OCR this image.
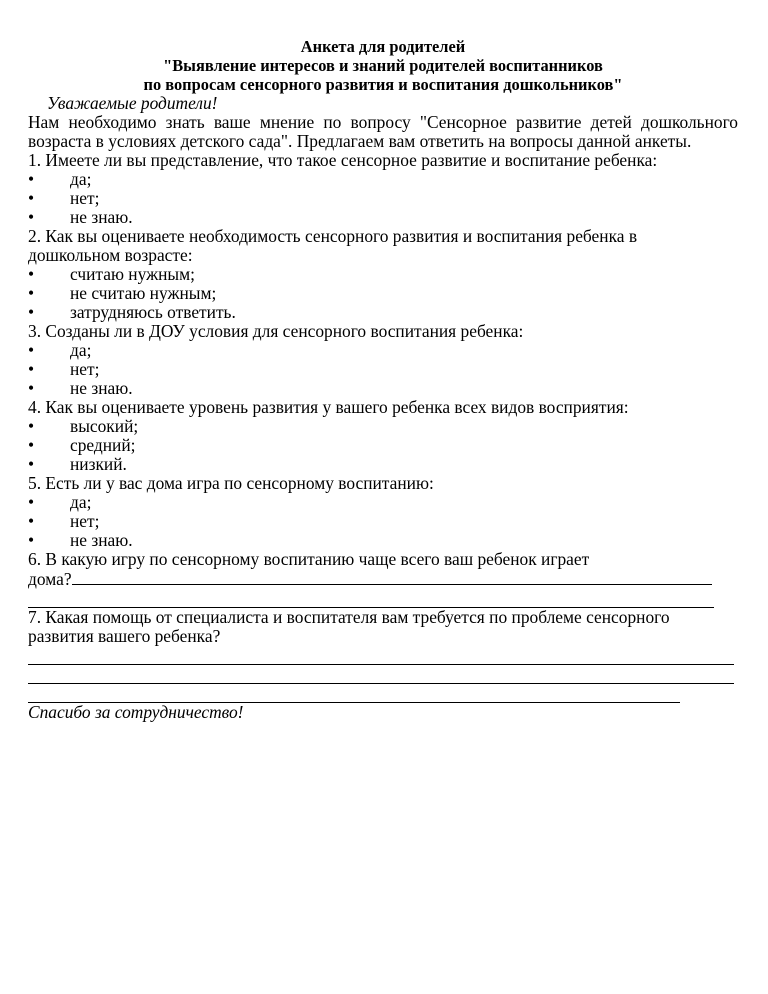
Анкета для родителей
"Выявление интересов и знаний родителей воспитанников
по вопросам сенсорного развития и воспитания дошкольников"
Уважаемые родители!
Нам необходимо знать ваше мнение по вопросу "Сенсорное развитие детей дошкольного
возраста в условиях детского сада". Предлагаем вам ответить на вопросы данной анкеты.
1. Имеете ли вы представление, что такое сенсорное развитие и воспитание ребенка:
• да;
• нет;
• не знаю.
2. Как вы оцениваете необходимость сенсорного развития и воспитания ребенка в
дошкольном возрасте:
• считаю нужным;
• не считаю нужным;
• затрудняюсь ответить.
3. Созданы ли в ДОУ условия для сенсорного воспитания ребенка:
• да;
• нет;
• не знаю.
4. Как вы оцениваете уровень развития у вашего ребенка всех видов восприятия:
• высокий;
• средний;
• низкий.
5. Есть ли у вас дома игра по сенсорному воспитанию:
• да;
• нет;
• не знаю.
6. В какую игру по сенсорному воспитанию чаще всего ваш ребенок играет
дома?
7. Какая помощь от специалиста и воспитателя вам требуется по проблеме сенсорного
развития вашего ребенка?
Спасибо за сотрудничество!
